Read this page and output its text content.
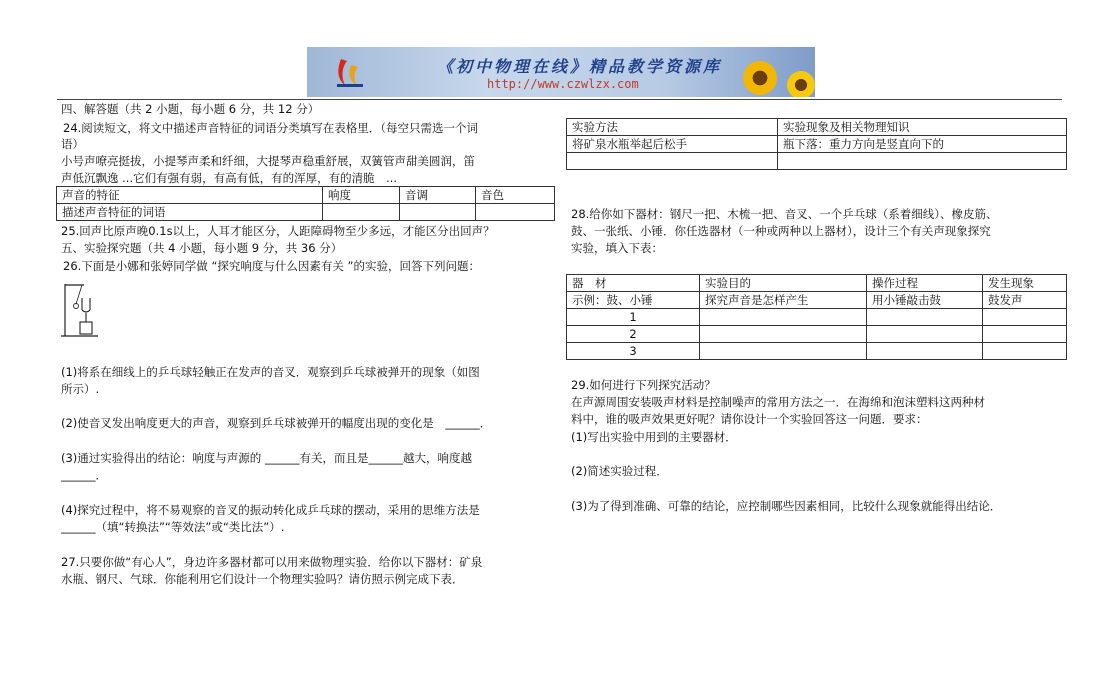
《初中物理在线》精品教学资源库
http://www.czwlzx.com
四、解答题（共 2 小题，每小题 6 分，共 12 分）
24.阅读短文，将文中描述声音特征的词语分类填写在表格里．（每空只需选一个词
语）
小号声嘹亮挺拔，小提琴声柔和纤细，大提琴声稳重舒展，双簧管声甜美圆润，笛
声低沉飘逸 ...它们有强有弱，有高有低，有的浑厚，有的清脆　...
声音的特征	响度	音调	音色
描述声音特征的词语			
25.回声比原声晚0.1s以上，人耳才能区分，人距障碍物至少多远，才能区分出回声？
五、实验探究题（共 4 小题，每小题 9 分，共 36 分）
26.下面是小娜和张婷同学做 “探究响度与什么因素有关 ”的实验，回答下列问题：
(1)将系在细线上的乒乓球轻触正在发声的音叉．观察到乒乓球被弹开的现象（如图
所示）.
(2)使音叉发出响度更大的声音，观察到乒乓球被弹开的幅度出现的变化是　______．
(3)通过实验得出的结论：响度与声源的 ______有关，而且是______越大，响度越
______．
(4)探究过程中，将不易观察的音叉的振动转化成乒乓球的摆动，采用的思维方法是
______（填“转换法”“等效法”或“类比法”）.
27.只要你做“有心人”，身边许多器材都可以用来做物理实验．给你以下器材：矿泉
水瓶、钢尺、气球．你能利用它们设计一个物理实验吗？请仿照示例完成下表．
实验方法	实验现象及相关物理知识
将矿泉水瓶举起后松手	瓶下落：重力方向是竖直向下的

28.给你如下器材：钢尺一把、木梳一把、音叉、一个乒乓球（系着细线）、橡皮筋、
鼓、一张纸、小锤．你任选器材（一种或两种以上器材），设计三个有关声现象探究
实验，填入下表：
器　材	实验目的	操作过程	发生现象
示例：鼓、小锤	探究声音是怎样产生	用小锤敲击鼓	鼓发声
1			
2			
3			
29.如何进行下列探究活动？
在声源周围安装吸声材料是控制噪声的常用方法之一．在海绵和泡沫塑料这两种材
料中，谁的吸声效果更好呢？请你设计一个实验回答这一问题．要求：
(1)写出实验中用到的主要器材．
(2)简述实验过程．
(3)为了得到准确、可靠的结论，应控制哪些因素相同，比较什么现象就能得出结论．
